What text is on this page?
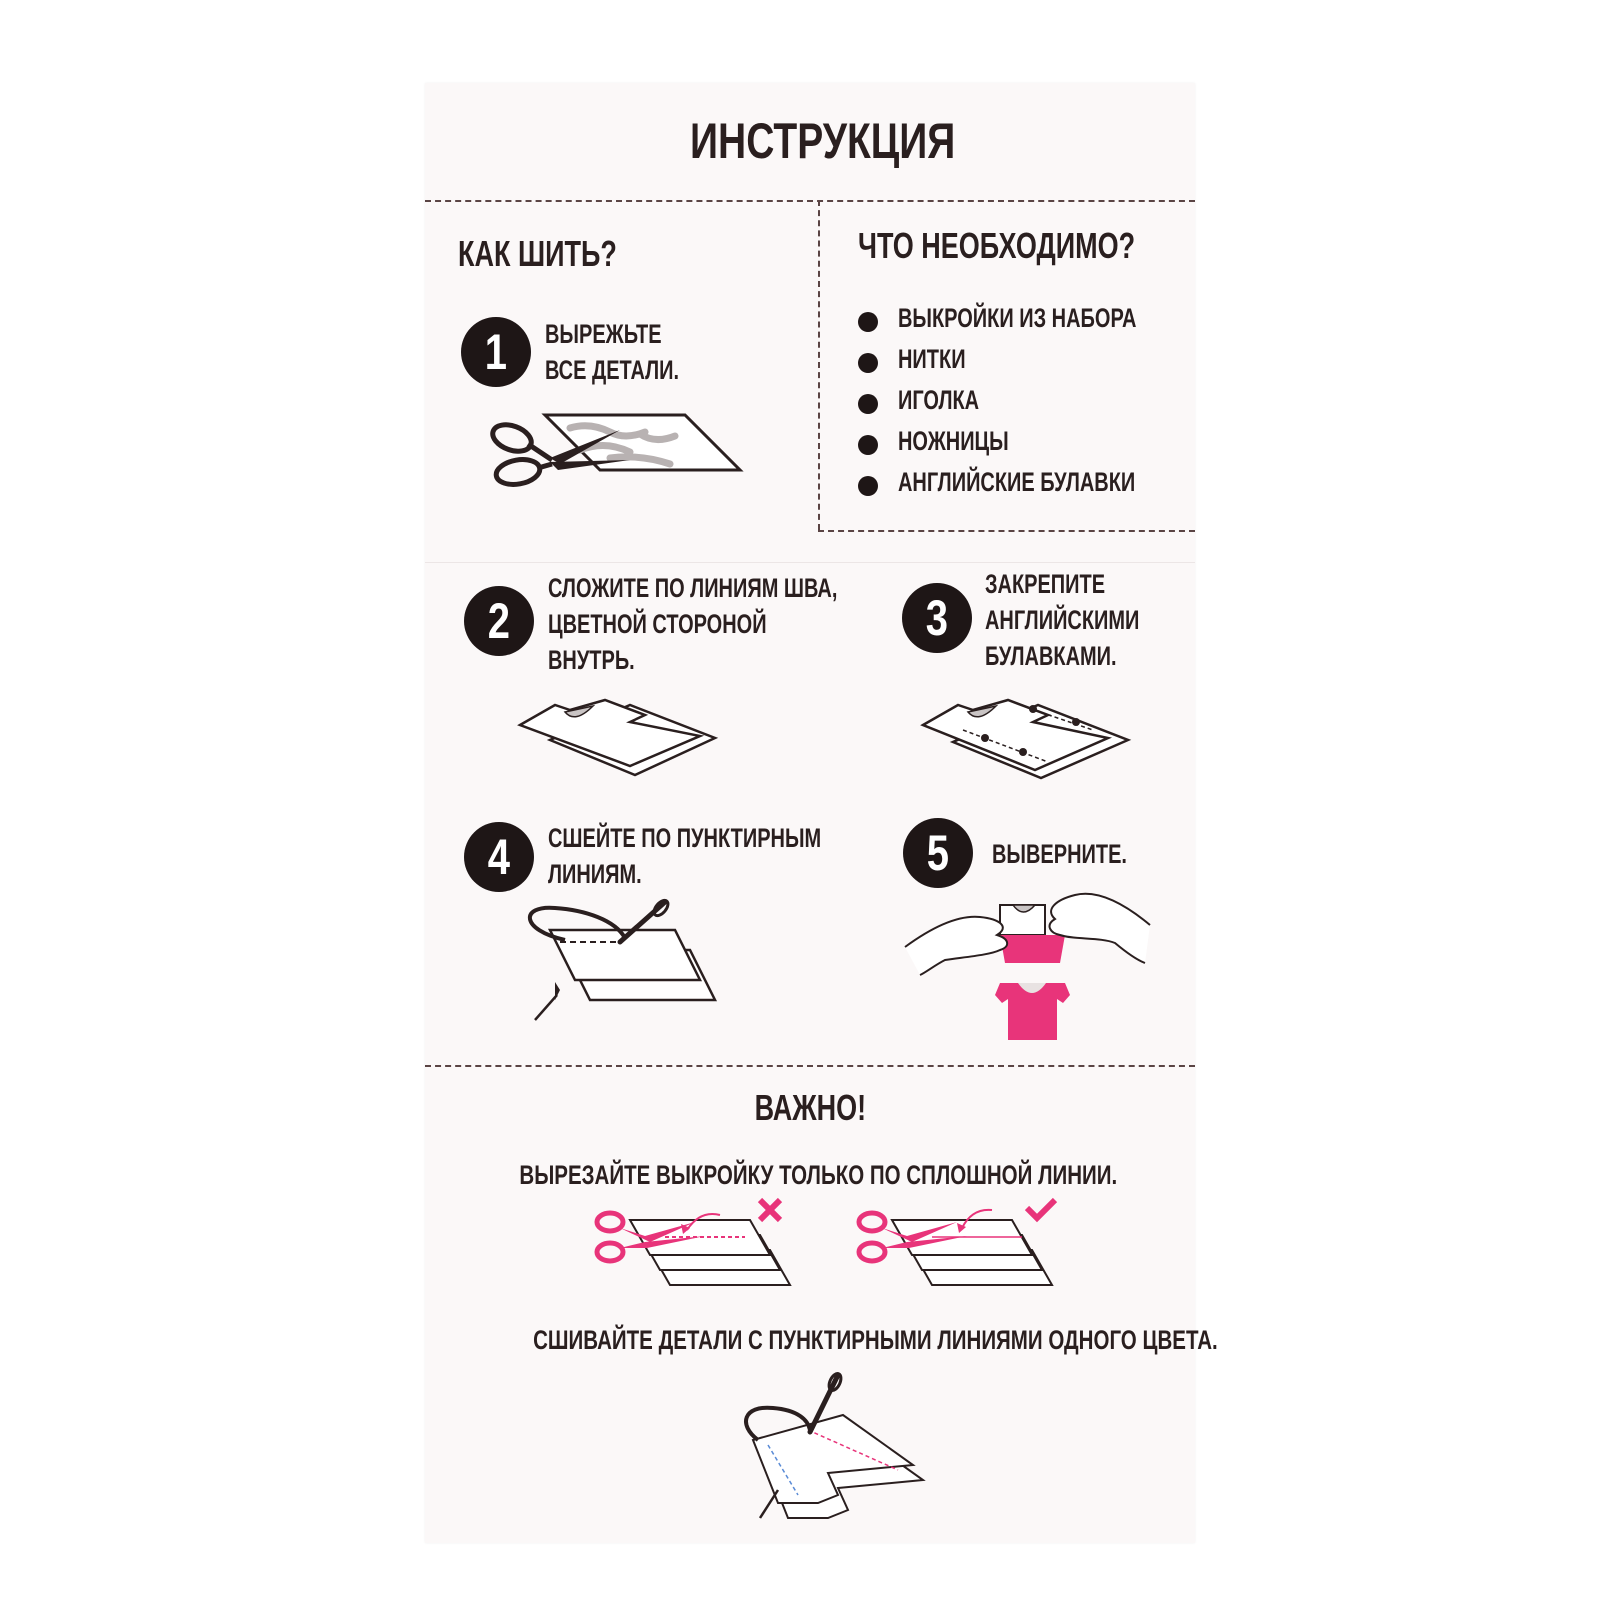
ИНСТРУКЦИЯ
КАК ШИТЬ?
1	ВЫРЕЖЬТЕ
ВСЕ ДЕТАЛИ.
ЧТО НЕОБХОДИМО?
ВЫКРОЙКИ ИЗ НАБОРА
НИТКИ
ИГОЛКА
НОЖНИЦЫ
АНГЛИЙСКИЕ БУЛАВКИ
2
СЛОЖИТЕ ПО ЛИНИЯМ ШВА,
ЦВЕТНОЙ СТОРОНОЙ
ВНУТРЬ.
3
ЗАКРЕПИТЕ
АНГЛИЙСКИМИ
БУЛАВКАМИ.
4	СШЕЙТЕ ПО ПУНКТИРНЫМ
ЛИНИЯМ.	5	ВЫВЕРНИТЕ.
ВАЖНО!
ВЫРЕЗАЙТЕ ВЫКРОЙКУ ТОЛЬКО ПО СПЛОШНОЙ ЛИНИИ.
СШИВАЙТЕ ДЕТАЛИ С ПУНКТИРНЫМИ ЛИНИЯМИ ОДНОГО ЦВЕТА.
